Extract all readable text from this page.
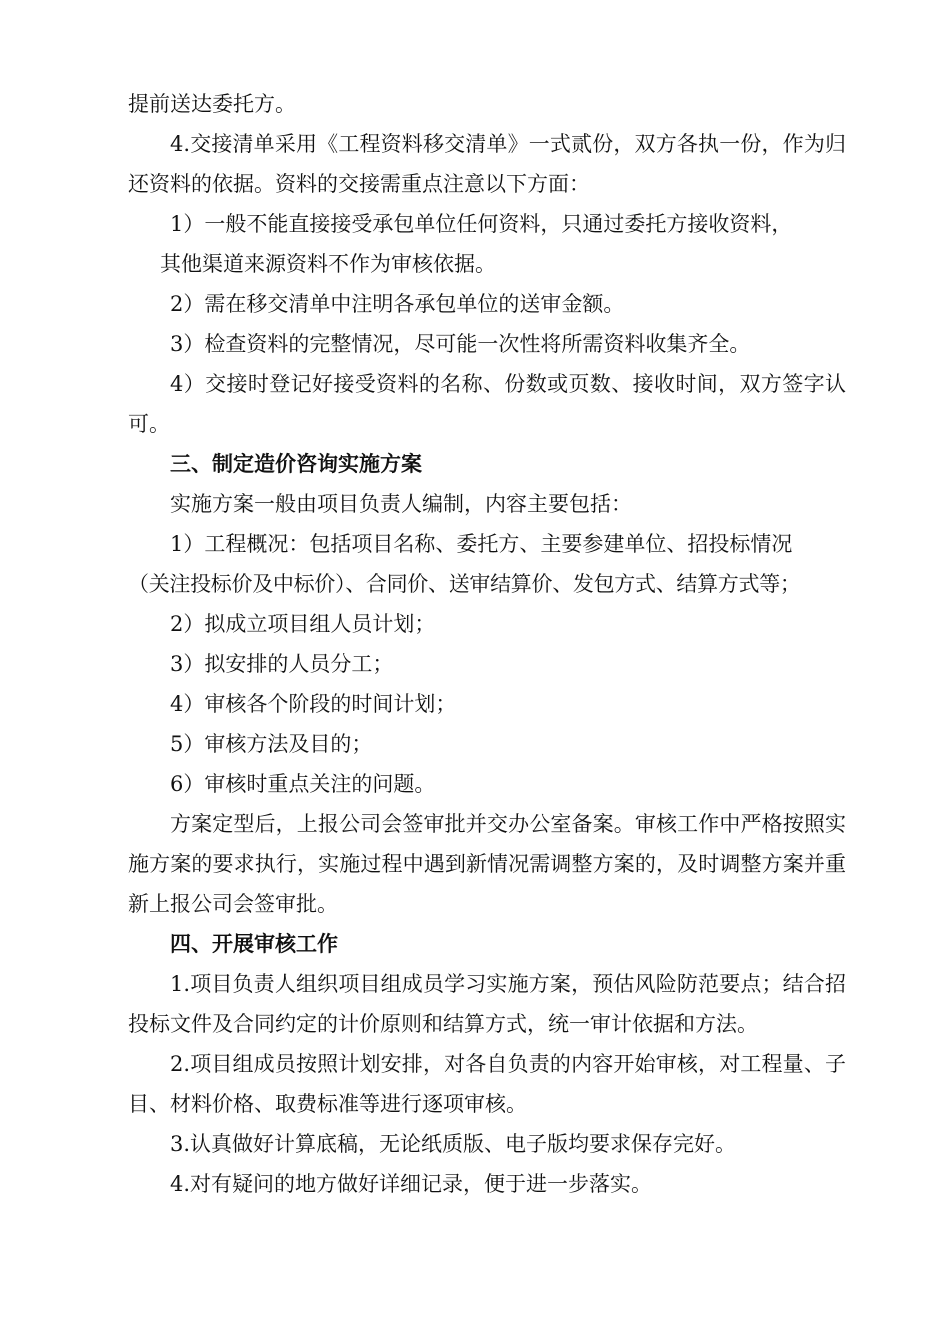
提前送达委托方。

4.交接清单采用《工程资料移交清单》一式贰份，双方各执一份，作为归还资料的依据。资料的交接需重点注意以下方面：

1）一般不能直接接受承包单位任何资料，只通过委托方接收资料，

其他渠道来源资料不作为审核依据。

2）需在移交清单中注明各承包单位的送审金额。

3）检查资料的完整情况，尽可能一次性将所需资料收集齐全。

4）交接时登记好接受资料的名称、份数或页数、接收时间，双方签字认可。

三、制定造价咨询实施方案

实施方案一般由项目负责人编制，内容主要包括：

1）工程概况：包括项目名称、委托方、主要参建单位、招投标情况

（关注投标价及中标价）、合同价、送审结算价、发包方式、结算方式等；

2）拟成立项目组人员计划；

3）拟安排的人员分工；

4）审核各个阶段的时间计划；

5）审核方法及目的；

6）审核时重点关注的问题。

方案定型后，上报公司会签审批并交办公室备案。审核工作中严格按照实施方案的要求执行，实施过程中遇到新情况需调整方案的，及时调整方案并重新上报公司会签审批。

四、开展审核工作

1.项目负责人组织项目组成员学习实施方案，预估风险防范要点；结合招投标文件及合同约定的计价原则和结算方式，统一审计依据和方法。

2.项目组成员按照计划安排，对各自负责的内容开始审核，对工程量、子目、材料价格、取费标准等进行逐项审核。

3.认真做好计算底稿，无论纸质版、电子版均要求保存完好。

4.对有疑问的地方做好详细记录，便于进一步落实。
